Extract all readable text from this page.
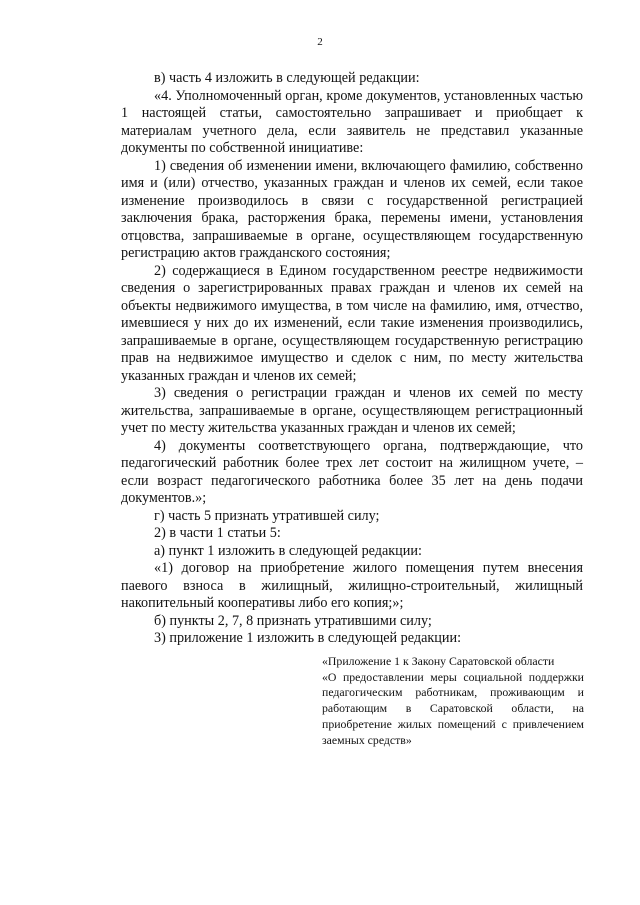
2

в) часть 4 изложить в следующей редакции:

«4. Уполномоченный орган, кроме документов, установленных частью 1 настоящей статьи, самостоятельно запрашивает и приобщает к материалам учетного дела, если заявитель не представил указанные документы по собственной инициативе:

1) сведения об изменении имени, включающего фамилию, собственно имя и (или) отчество, указанных граждан и членов их семей, если такое изменение производилось в связи с государственной регистрацией заключения брака, расторжения брака, перемены имени, установления отцовства, запрашиваемые в органе, осуществляющем государственную регистрацию актов гражданского состояния;

2) содержащиеся в Едином государственном реестре недвижимости сведения о зарегистрированных правах граждан и членов их семей на объекты недвижимого имущества, в том числе на фамилию, имя, отчество, имевшиеся у них до их изменений, если такие изменения производились, запрашиваемые в органе, осуществляющем государственную регистрацию прав на недвижимое имущество и сделок с ним, по месту жительства указанных граждан и членов их семей;

3) сведения о регистрации граждан и членов их семей по месту жительства, запрашиваемые в органе, осуществляющем регистрационный учет по месту жительства указанных граждан и членов их семей;

4) документы соответствующего органа, подтверждающие, что педагогический работник более трех лет состоит на жилищном учете, – если возраст педагогического работника более 35 лет на день подачи документов.»;

г) часть 5 признать утратившей силу;

2) в части 1 статьи 5:

а) пункт 1 изложить в следующей редакции:

«1) договор на приобретение жилого помещения путем внесения паевого взноса в жилищный, жилищно-строительный, жилищный накопительный кооперативы либо его копия;»;

б) пункты 2, 7, 8 признать утратившими силу;

3) приложение 1 изложить в следующей редакции:

«Приложение 1 к Закону Саратовской области

«О предоставлении меры социальной поддержки педагогическим работникам, проживающим и работающим в Саратовской области, на приобретение жилых помещений с привлечением заемных средств»
